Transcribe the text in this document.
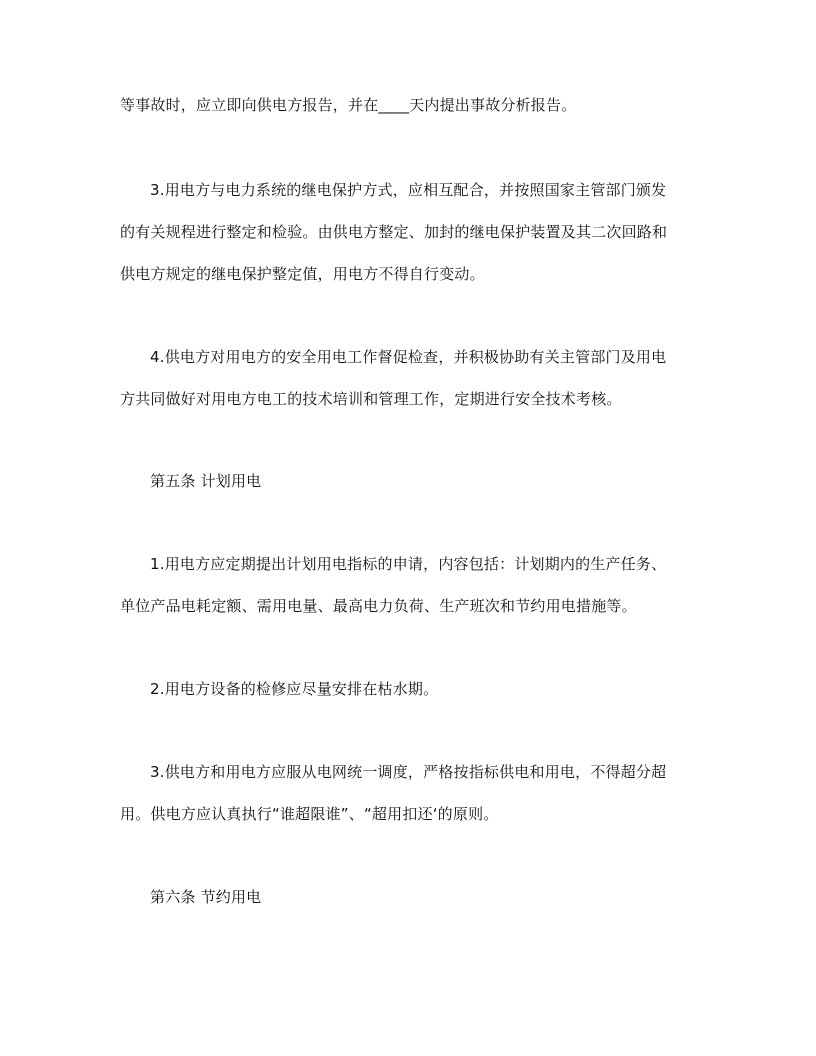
等事故时，应立即向供电方报告，并在____天内提出事故分析报告。
3.用电方与电力系统的继电保护方式，应相互配合，并按照国家主管部门颁发
的有关规程进行整定和检验。由供电方整定、加封的继电保护装置及其二次回路和
供电方规定的继电保护整定值，用电方不得自行变动。
4.供电方对用电方的安全用电工作督促检查，并积极协助有关主管部门及用电
方共同做好对用电方电工的技术培训和管理工作，定期进行安全技术考核。
第五条 计划用电
1.用电方应定期提出计划用电指标的申请，内容包括：计划期内的生产任务、
单位产品电耗定额、需用电量、最高电力负荷、生产班次和节约用电措施等。
2.用电方设备的检修应尽量安排在枯水期。
3.供电方和用电方应服从电网统一调度，严格按指标供电和用电，不得超分超
用。供电方应认真执行“谁超限谁”、“超用扣还‘的原则。
第六条 节约用电
